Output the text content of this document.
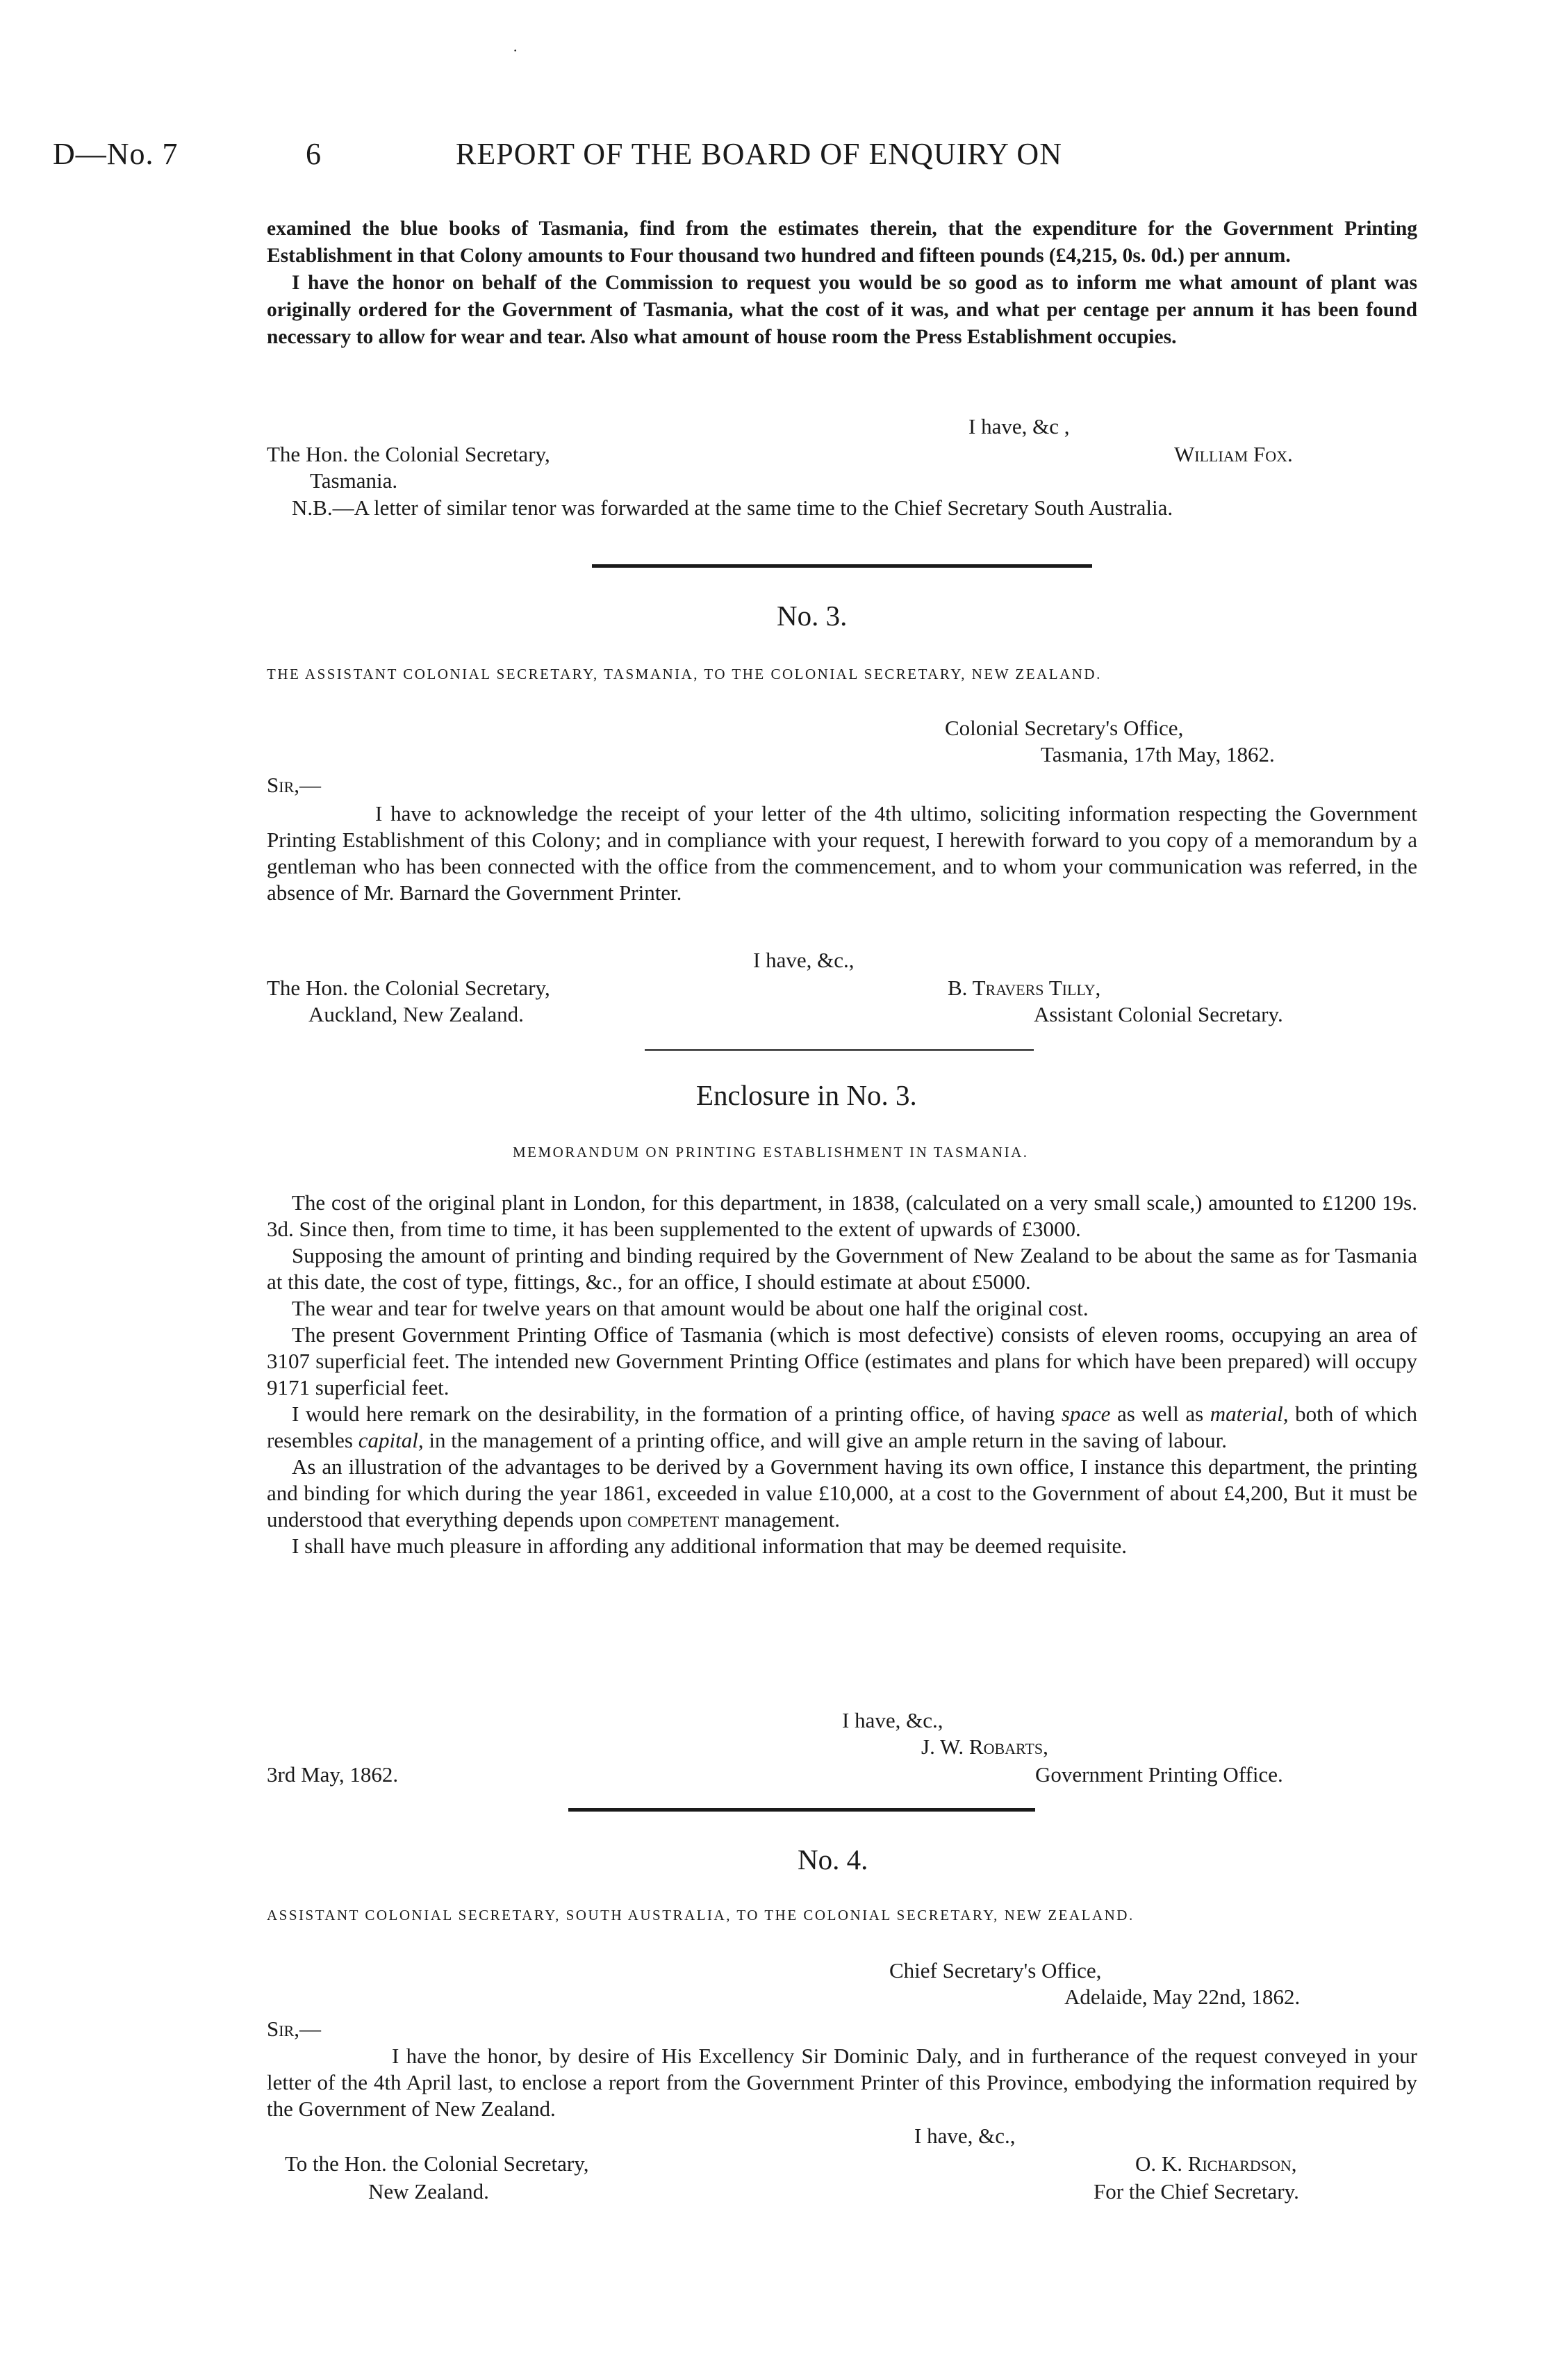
·
D—No. 7	6	REPORT OF THE BOARD OF ENQUIRY ON

examined the blue books of Tasmania, find from the estimates therein, that the expenditure for the Government Printing Establishment in that Colony amounts to Four thousand two hundred and fifteen pounds (£4,215, 0s. 0d.) per annum.

I have the honor on behalf of the Commission to request you would be so good as to inform me what amount of plant was originally ordered for the Government of Tasmania, what the cost of it was, and what per centage per annum it has been found necessary to allow for wear and tear. Also what amount of house room the Press Establishment occupies.

I have, &c ,
The Hon. the Colonial Secretary,	William Fox.
Tasmania.

N.B.—A letter of similar tenor was forwarded at the same time to the Chief Secretary South Australia.

No. 3.
THE ASSISTANT COLONIAL SECRETARY, TASMANIA, TO THE COLONIAL SECRETARY, NEW ZEALAND.
Colonial Secretary's Office,
Tasmania, 17th May, 1862.
Sir,—

I have to acknowledge the receipt of your letter of the 4th ultimo, soliciting information respecting the Government Printing Establishment of this Colony; and in compliance with your request, I herewith forward to you copy of a memorandum by a gentleman who has been connected with the office from the commencement, and to whom your communication was referred, in the absence of Mr. Barnard the Government Printer.

I have, &c.,
The Hon. the Colonial Secretary,	B. Travers Tilly,
Auckland, New Zealand.	Assistant Colonial Secretary.
Enclosure in No. 3.
MEMORANDUM ON PRINTING ESTABLISHMENT IN TASMANIA.

The cost of the original plant in London, for this department, in 1838, (calculated on a very small scale,) amounted to £1200 19s. 3d. Since then, from time to time, it has been supplemented to the extent of upwards of £3000.

Supposing the amount of printing and binding required by the Government of New Zealand to be about the same as for Tasmania at this date, the cost of type, fittings, &c., for an office, I should estimate at about £5000.

The wear and tear for twelve years on that amount would be about one half the original cost.

The present Government Printing Office of Tasmania (which is most defective) consists of eleven rooms, occupying an area of 3107 superficial feet. The intended new Government Printing Office (estimates and plans for which have been prepared) will occupy 9171 superficial feet.

I would here remark on the desirability, in the formation of a printing office, of having space as well as material, both of which resembles capital, in the management of a printing office, and will give an ample return in the saving of labour.

As an illustration of the advantages to be derived by a Government having its own office, I instance this department, the printing and binding for which during the year 1861, exceeded in value £10,000, at a cost to the Government of about £4,200, But it must be understood that everything depends upon competent management.

I shall have much pleasure in affording any additional information that may be deemed requisite.

I have, &c.,
J. W. Robarts,
3rd May, 1862.	Government Printing Office.
No. 4.
ASSISTANT COLONIAL SECRETARY, SOUTH AUSTRALIA, TO THE COLONIAL SECRETARY, NEW ZEALAND.
Chief Secretary's Office,
Adelaide, May 22nd, 1862.
Sir,—

I have the honor, by desire of His Excellency Sir Dominic Daly, and in furtherance of the request conveyed in your letter of the 4th April last, to enclose a report from the Government Printer of this Province, embodying the information required by the Government of New Zealand.

I have, &c.,
To the Hon. the Colonial Secretary,	O. K. Richardson,
New Zealand.	For the Chief Secretary.
